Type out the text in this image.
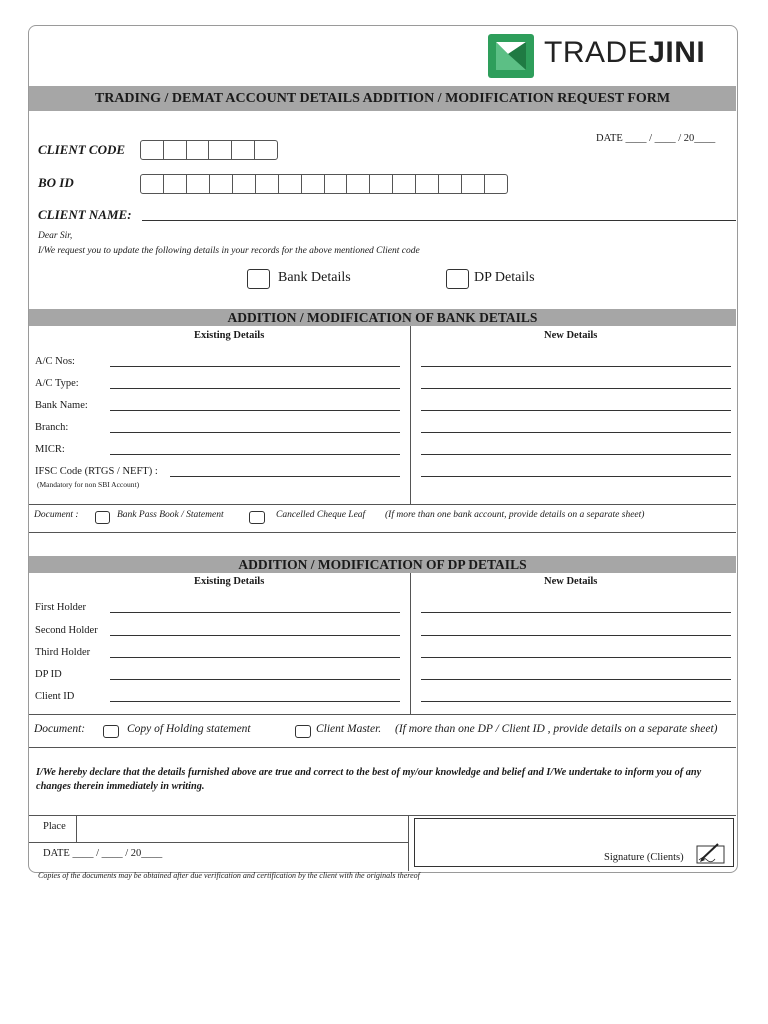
TRADEJINI
TRADING / DEMAT ACCOUNT DETAILS ADDITION / MODIFICATION REQUEST FORM
DATE ____ / ____ / 20____
CLIENT CODE
BO ID
CLIENT NAME:
Dear Sir,
I/We request you to update the following details in your records for the above mentioned Client code
Bank Details	DP Details
ADDITION / MODIFICATION OF BANK DETAILS
Existing Details	New Details
A/C Nos:
A/C Type:
Bank Name:
Branch:
MICR:
IFSC Code (RTGS / NEFT) :
(Mandatory for non SBI Account)
Document :	Bank Pass Book / Statement	Cancelled Cheque Leaf (If more than one bank account, provide details on a separate sheet)
ADDITION / MODIFICATION OF DP DETAILS
Existing Details	New Details
First Holder
Second Holder
Third Holder
DP ID
Client ID
Document:	Copy of Holding statement	Client Master. (If more than one DP / Client ID , provide details on a separate sheet)
I/We hereby declare that the details furnished above are true and correct to the best of my/our knowledge and belief and I/We undertake to inform you of any changes therein immediately in writing.
Place
DATE ____ / ____ / 20____	Signature (Clients)
Copies of the documents may be obtained after due verification and certification by the client with the originals thereof
